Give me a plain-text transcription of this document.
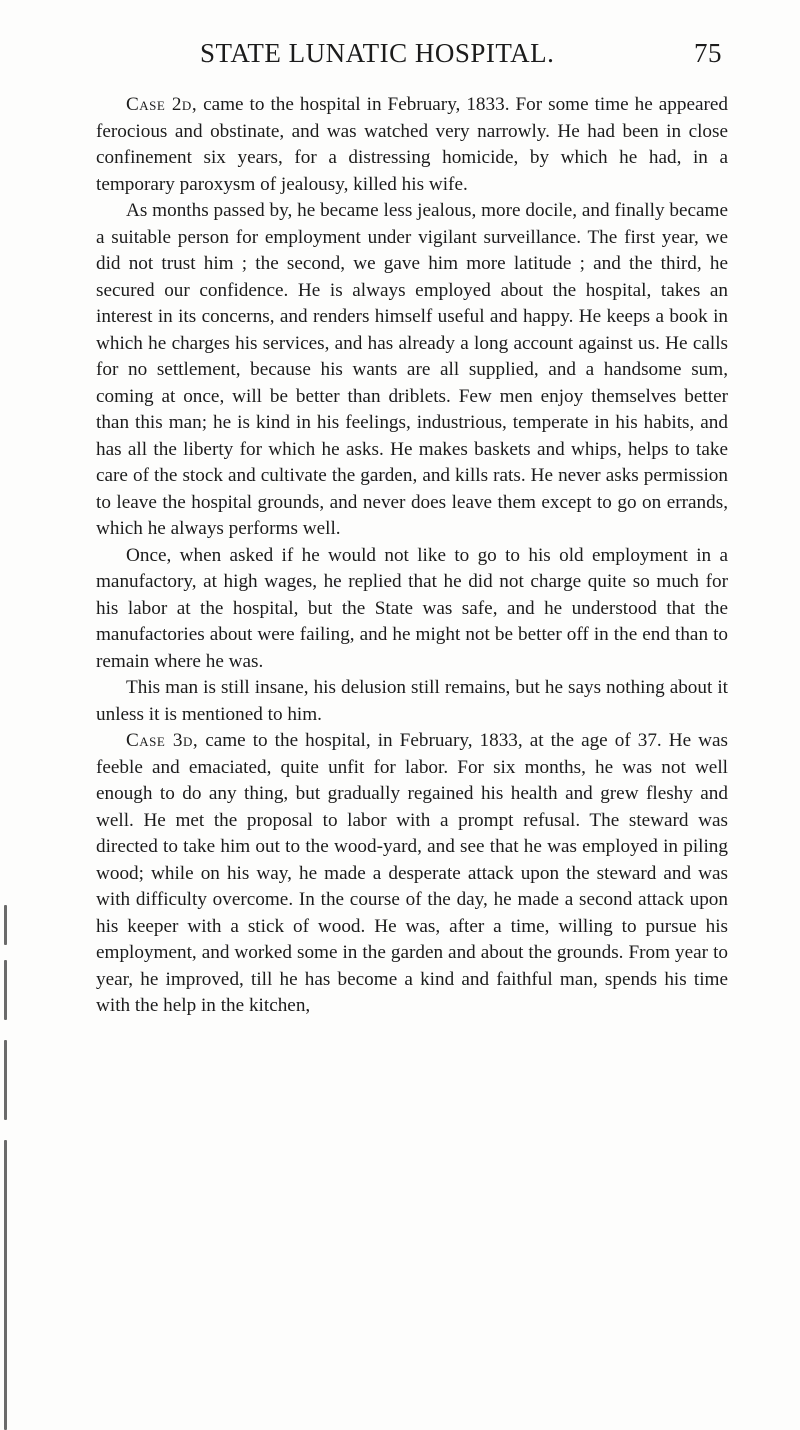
STATE LUNATIC HOSPITAL.	75

Case 2d, came to the hospital in February, 1833. For some time he appeared ferocious and obstinate, and was watched very narrowly. He had been in close confinement six years, for a distressing homicide, by which he had, in a temporary paroxysm of jealousy, killed his wife.

As months passed by, he became less jealous, more docile, and finally became a suitable person for employment under vigilant surveillance. The first year, we did not trust him ; the second, we gave him more latitude ; and the third, he secured our confidence. He is always employed about the hospital, takes an interest in its concerns, and renders himself useful and happy. He keeps a book in which he charges his services, and has already a long account against us. He calls for no settlement, because his wants are all supplied, and a handsome sum, coming at once, will be better than driblets. Few men enjoy themselves better than this man; he is kind in his feelings, industrious, temperate in his habits, and has all the liberty for which he asks. He makes baskets and whips, helps to take care of the stock and cultivate the garden, and kills rats. He never asks permission to leave the hospital grounds, and never does leave them except to go on errands, which he always performs well.

Once, when asked if he would not like to go to his old employment in a manufactory, at high wages, he replied that he did not charge quite so much for his labor at the hospital, but the State was safe, and he understood that the manufactories about were failing, and he might not be better off in the end than to remain where he was.

This man is still insane, his delusion still remains, but he says nothing about it unless it is mentioned to him.

Case 3d, came to the hospital, in February, 1833, at the age of 37. He was feeble and emaciated, quite unfit for labor. For six months, he was not well enough to do any thing, but gradually regained his health and grew fleshy and well. He met the proposal to labor with a prompt refusal. The steward was directed to take him out to the wood-yard, and see that he was employed in piling wood; while on his way, he made a desperate attack upon the steward and was with difficulty overcome. In the course of the day, he made a second attack upon his keeper with a stick of wood. He was, after a time, willing to pursue his employment, and worked some in the garden and about the grounds. From year to year, he improved, till he has become a kind and faithful man, spends his time with the help in the kitchen,
